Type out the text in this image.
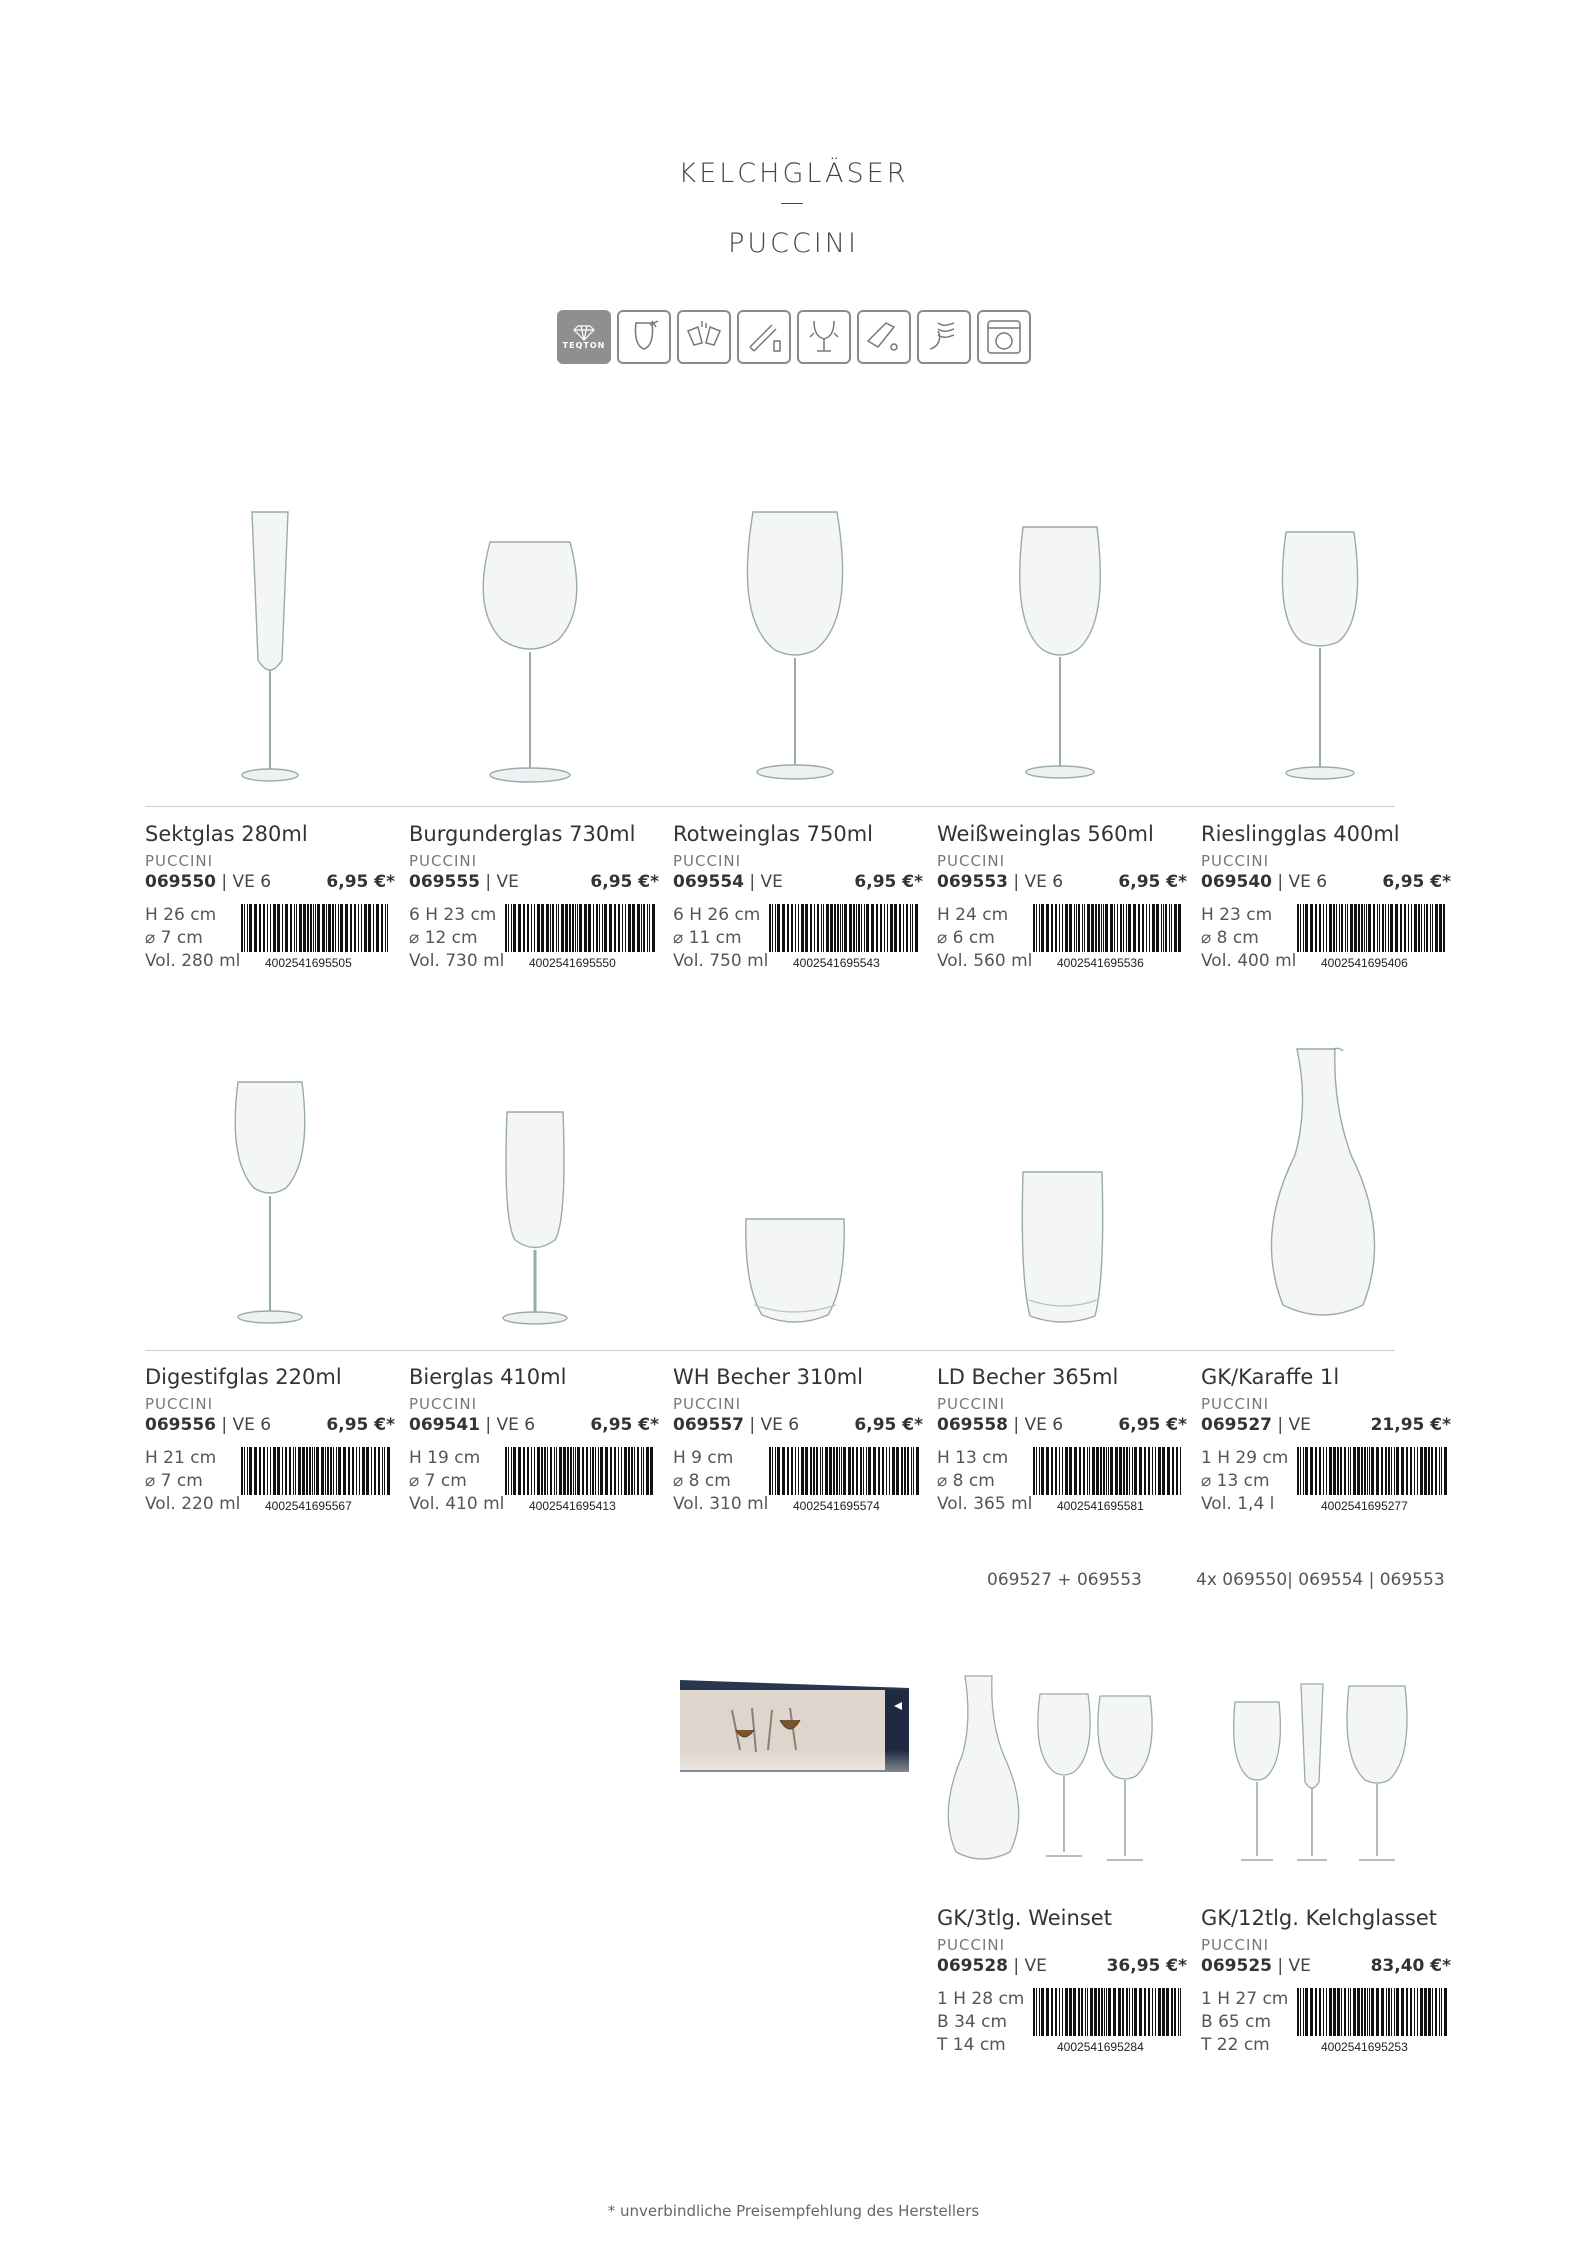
KELCHGLÄSER
—
PUCCINI
TEQTON
Sektglas 280ml
PUCCINI
069550 | VE 6	6,95 €*
H 26 cm
⌀ 7 cm
Vol. 280 ml	4002541695505
Burgunderglas 730ml
PUCCINI
069555 | VE	6,95 €*
6 H 23 cm
⌀ 12 cm
Vol. 730 ml	4002541695550
Rotweinglas 750ml
PUCCINI
069554 | VE	6,95 €*
6 H 26 cm
⌀ 11 cm
Vol. 750 ml	4002541695543
Weißweinglas 560ml
PUCCINI
069553 | VE 6	6,95 €*
H 24 cm
⌀ 6 cm
Vol. 560 ml	4002541695536
Rieslingglas 400ml
PUCCINI
069540 | VE 6	6,95 €*
H 23 cm
⌀ 8 cm
Vol. 400 ml	4002541695406
Digestifglas 220ml
PUCCINI
069556 | VE 6	6,95 €*
H 21 cm
⌀ 7 cm
Vol. 220 ml	4002541695567
Bierglas 410ml
PUCCINI
069541 | VE 6	6,95 €*
H 19 cm
⌀ 7 cm
Vol. 410 ml	4002541695413
WH Becher 310ml
PUCCINI
069557 | VE 6	6,95 €*
H 9 cm
⌀ 8 cm
Vol. 310 ml	4002541695574
LD Becher 365ml
PUCCINI
069558 | VE 6	6,95 €*
H 13 cm
⌀ 8 cm
Vol. 365 ml	4002541695581
GK/Karaffe 1l
PUCCINI
069527 | VE	21,95 €*
1 H 29 cm
⌀ 13 cm
Vol. 1,4 l	4002541695277
069527 + 069553	4x 069550| 069554 | 069553
GK/3tlg. Weinset
PUCCINI
069528 | VE	36,95 €*
1 H 28 cm
B 34 cm
T 14 cm	4002541695284
GK/12tlg. Kelchglasset
PUCCINI
069525 | VE	83,40 €*
1 H 27 cm
B 65 cm
T 22 cm	4002541695253
* unverbindliche Preisempfehlung des Herstellers
